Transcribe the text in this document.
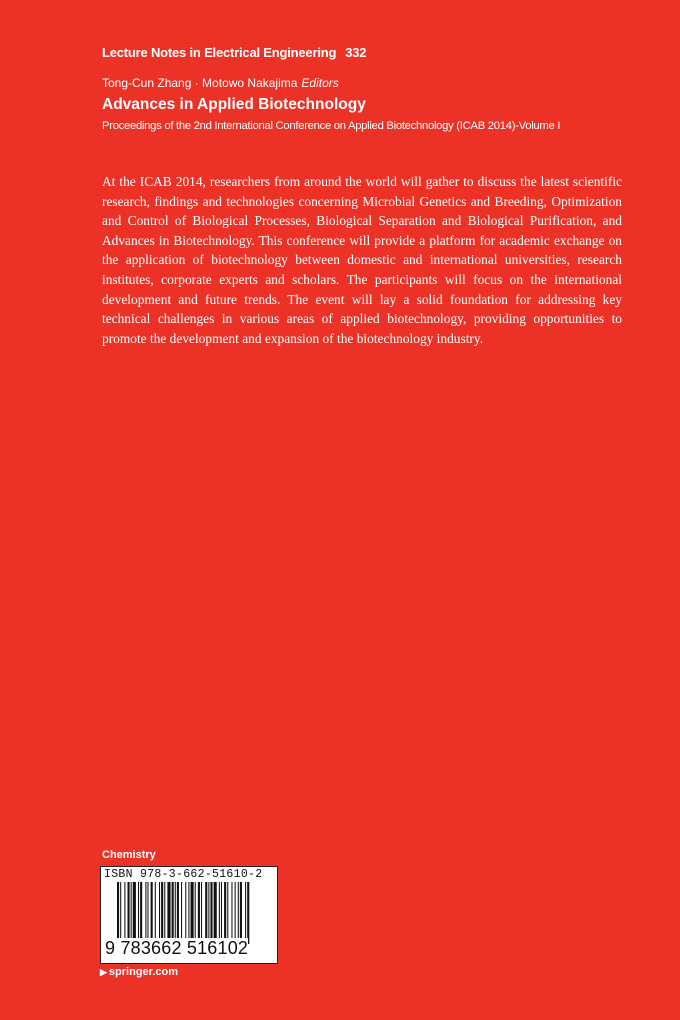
Lecture Notes in Electrical Engineering 332
Tong-Cun Zhang · Motowo Nakajima Editors
Advances in Applied Biotechnology
Proceedings of the 2nd International Conference on Applied Biotechnology (ICAB 2014)-Volume I

At the ICAB 2014, researchers from around the world will gather to discuss the latest scientific research, findings and technologies concerning Microbial Genetics and Breeding, Optimization and Control of Biological Processes, Biological Separation and Biological Purification, and Advances in Biotechnology. This conference will provide a platform for academic exchange on the application of biotechnology between domestic and international universities, research institutes, corporate experts and scholars. The participants will focus on the international development and future trends. The event will lay a solid foundation for addressing key technical challenges in various areas of applied biotechnology, providing opportunities to promote the development and expansion of the biotechnology industry.

Chemistry
ISBN 978-3-662-51610-2
9 783662 516102
▶ springer.com
